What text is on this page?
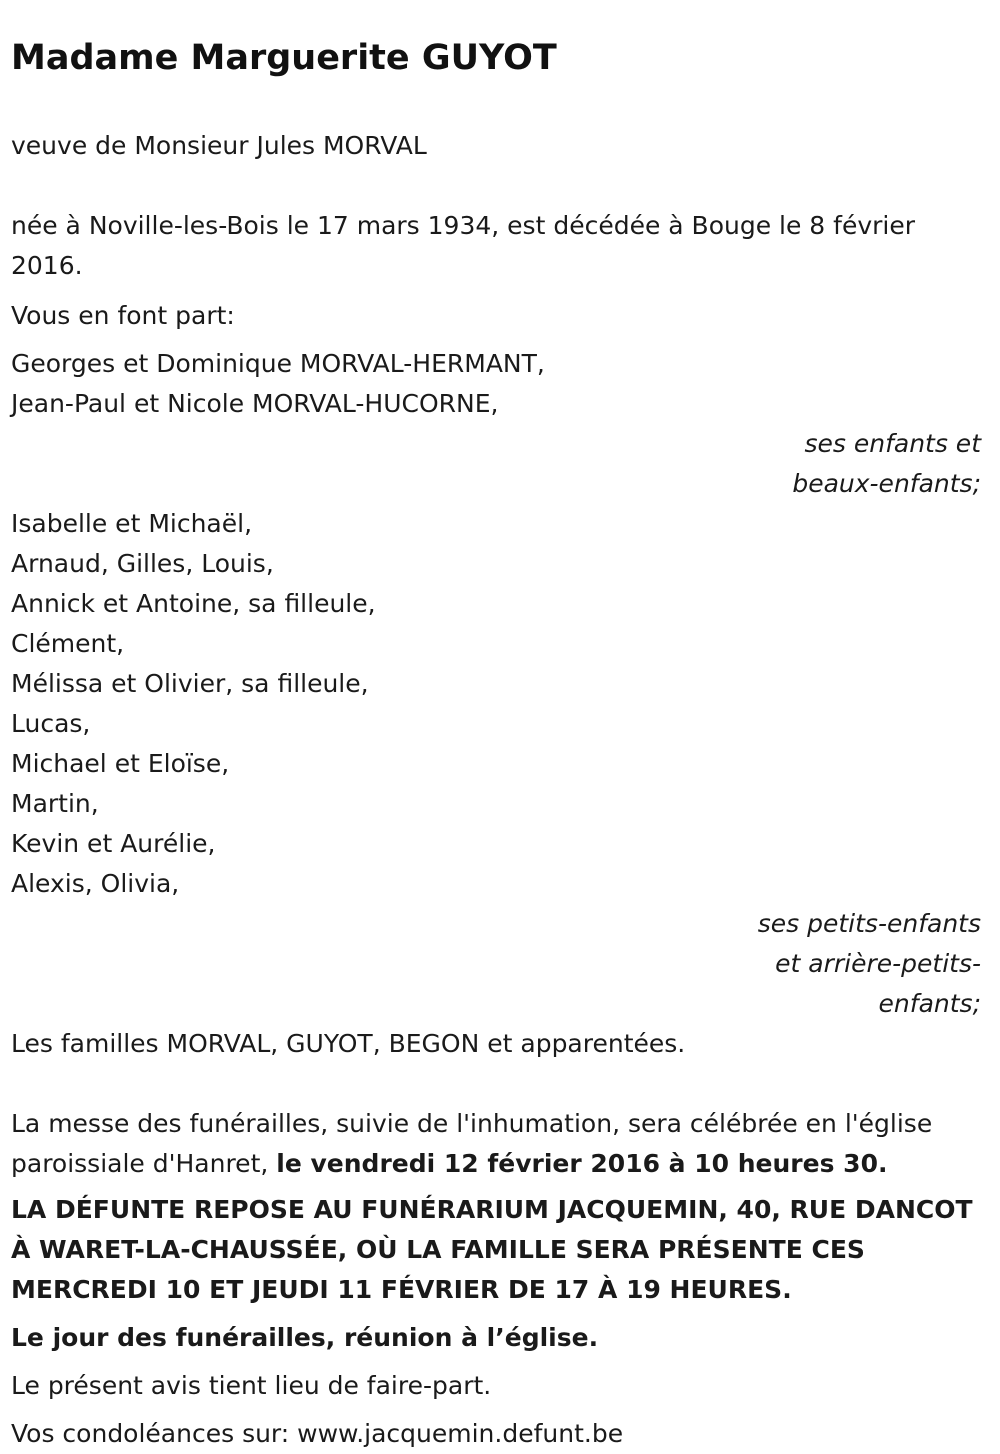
Madame Marguerite GUYOT
veuve de Monsieur Jules MORVAL
née à Noville-les-Bois le 17 mars 1934, est décédée à Bouge le 8 février 2016.
Vous en font part:
Georges et Dominique MORVAL-HERMANT,
Jean-Paul et Nicole MORVAL-HUCORNE,
ses enfants et
beaux-enfants;
Isabelle et Michaël,
Arnaud, Gilles, Louis,
Annick et Antoine, sa filleule,
Clément,
Mélissa et Olivier, sa filleule,
Lucas,
Michael et Eloïse,
Martin,
Kevin et Aurélie,
Alexis, Olivia,
ses petits-enfants
et arrière-petits-
enfants;
Les familles MORVAL, GUYOT, BEGON et apparentées.
La messe des funérailles, suivie de l'inhumation, sera célébrée en l'église paroissiale d'Hanret, le vendredi 12 février 2016 à 10 heures 30.
LA DÉFUNTE REPOSE AU FUNÉRARIUM JACQUEMIN, 40, RUE DANCOT À WARET-LA-CHAUSSÉE, OÙ LA FAMILLE SERA PRÉSENTE CES MERCREDI 10 ET JEUDI 11 FÉVRIER DE 17 À 19 HEURES.
Le jour des funérailles, réunion à l’église.
Le présent avis tient lieu de faire-part.
Vos condoléances sur: www.jacquemin.defunt.be
